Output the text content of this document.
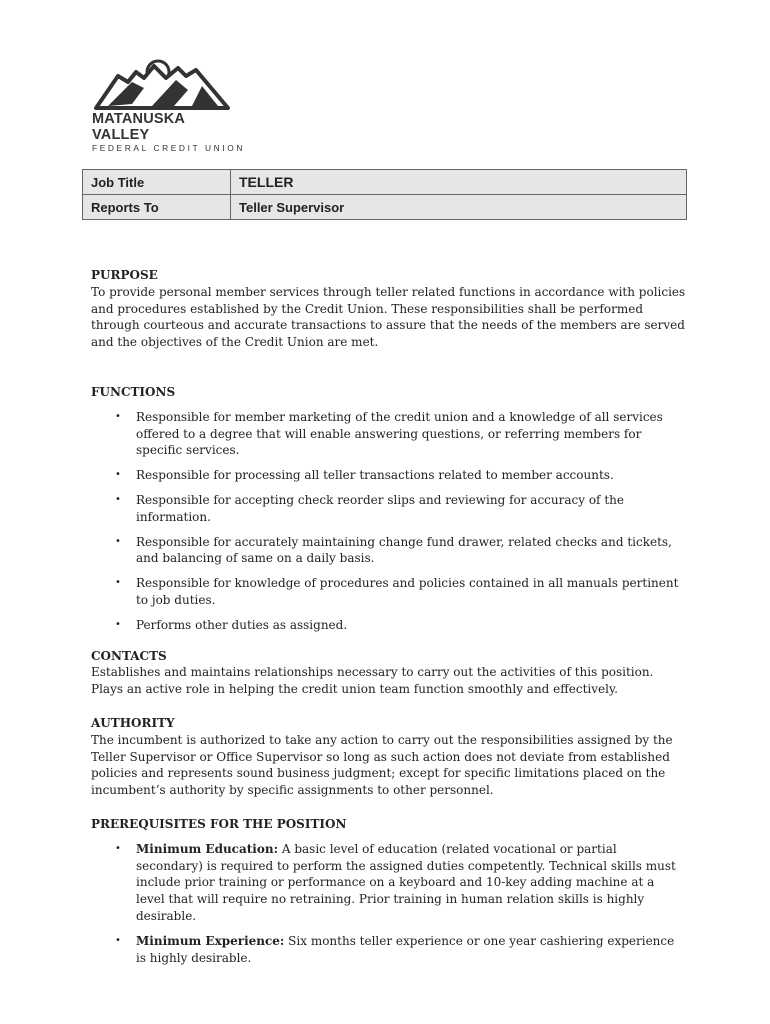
MATANUSKA VALLEY
FEDERAL CREDIT UNION
Job Title	TELLER
Reports To	Teller Supervisor
PURPOSE

To provide personal member services through teller related functions in accordance with policies and procedures established by the Credit Union. These responsibilities shall be performed through courteous and accurate transactions to assure that the needs of the members are served and the objectives of the Credit Union are met.

FUNCTIONS
• Responsible for member marketing of the credit union and a knowledge of all services offered to a degree that will enable answering questions, or referring members for specific services.
• Responsible for processing all teller transactions related to member accounts.
• Responsible for accepting check reorder slips and reviewing for accuracy of the information.
• Responsible for accurately maintaining change fund drawer, related checks and tickets, and balancing of same on a daily basis.
• Responsible for knowledge of procedures and policies contained in all manuals pertinent to job duties.
• Performs other duties as assigned.
CONTACTS

Establishes and maintains relationships necessary to carry out the activities of this position. Plays an active role in helping the credit union team function smoothly and effectively.

AUTHORITY

The incumbent is authorized to take any action to carry out the responsibilities assigned by the Teller Supervisor or Office Supervisor so long as such action does not deviate from established policies and represents sound business judgment; except for specific limitations placed on the incumbent’s authority by specific assignments to other personnel.

PREREQUISITES FOR THE POSITION
• Minimum Education: A basic level of education (related vocational or partial secondary) is required to perform the assigned duties competently. Technical skills must include prior training or performance on a keyboard and 10-key adding machine at a level that will require no retraining. Prior training in human relation skills is highly desirable.
• Minimum Experience: Six months teller experience or one year cashiering experience is highly desirable.
